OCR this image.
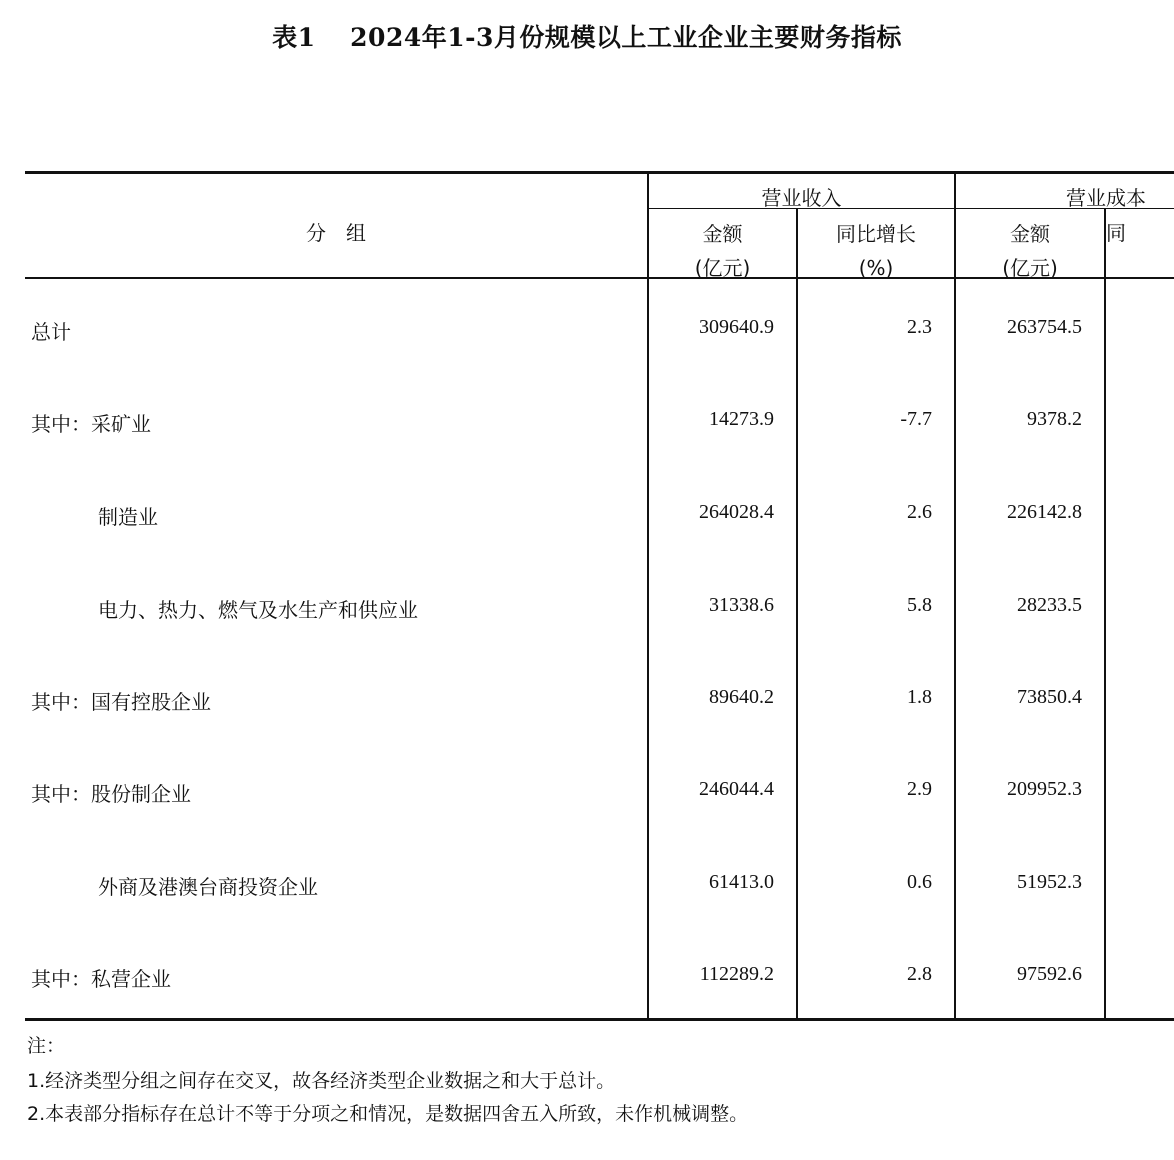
表1　 2024年1-3月份规模以上工业企业主要财务指标
分　组
营业收入	营业成本
金额
(亿元)
同比增长
(%)
金额
(亿元)
同
总计
其中：采矿业
制造业
电力、热力、燃气及水生产和供应业
其中：国有控股企业
其中：股份制企业
外商及港澳台商投资企业
其中：私营企业
309640.9
14273.9
264028.4
31338.6
89640.2
246044.4
61413.0
112289.2
2.3
-7.7
2.6
5.8
1.8
2.9
0.6
2.8
263754.5
9378.2
226142.8
28233.5
73850.4
209952.3
51952.3
97592.6
注：
1.经济类型分组之间存在交叉，故各经济类型企业数据之和大于总计。
2.本表部分指标存在总计不等于分项之和情况，是数据四舍五入所致，未作机械调整。
